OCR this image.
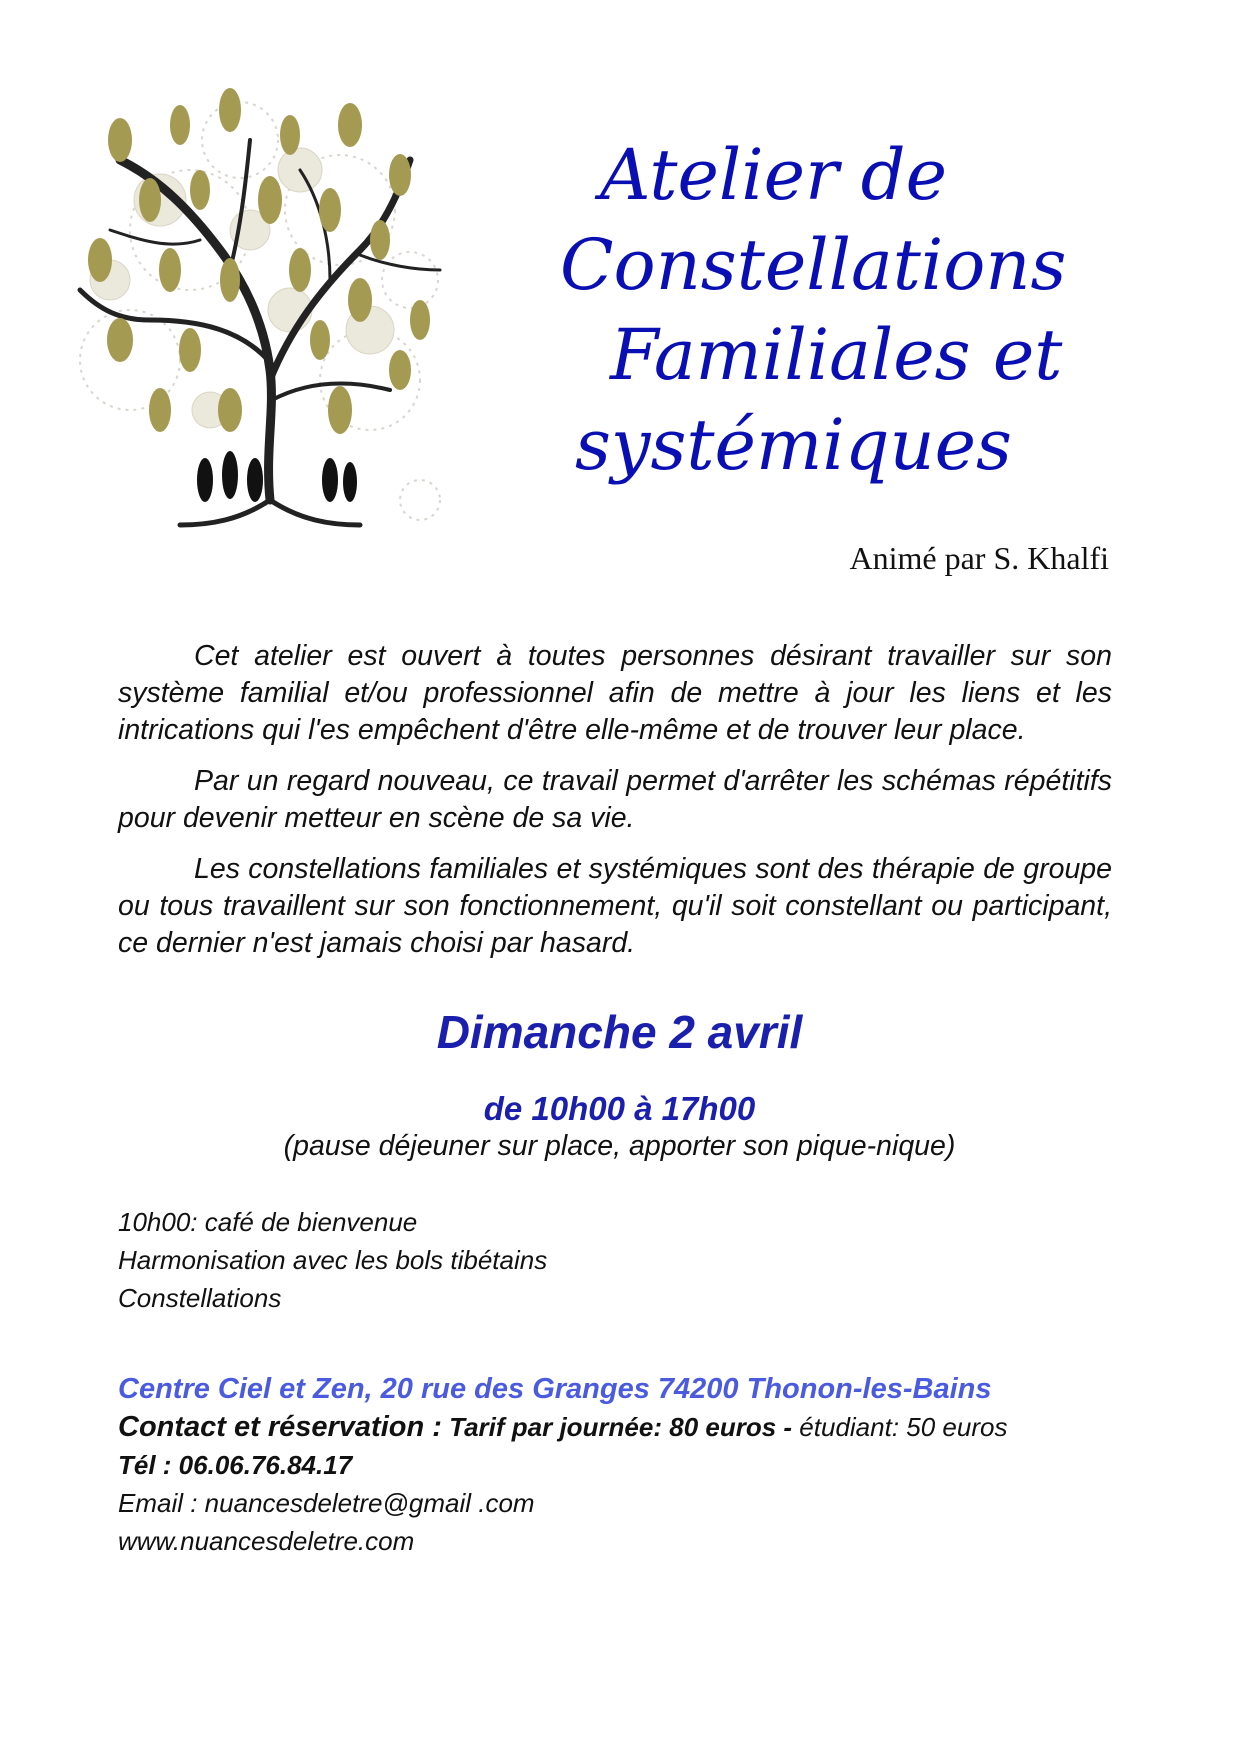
Atelier de
Constellations
Familiales et
systémiques
Animé par S. Khalfi

Cet atelier est ouvert à toutes personnes désirant travailler sur son système familial et/ou professionnel afin de mettre à jour les liens et les intrications qui l'es empêchent d'être elle-même et de trouver leur place.

Par un regard nouveau, ce travail permet d'arrêter les schémas répétitifs pour devenir metteur en scène de sa vie.

Les constellations familiales et systémiques sont des thérapie de groupe ou tous travaillent sur son fonctionnement, qu'il soit constellant ou participant, ce dernier n'est jamais choisi par hasard.

Dimanche 2 avril
de 10h00 à 17h00
(pause déjeuner sur place, apporter son pique-nique)
10h00: café de bienvenue
Harmonisation avec les bols tibétains
Constellations
Centre Ciel et Zen, 20 rue des Granges 74200 Thonon-les-Bains
Contact et réservation : Tarif par journée: 80 euros - étudiant: 50 euros
Tél : 06.06.76.84.17
Email : nuancesdeletre@gmail .com
www.nuancesdeletre.com
